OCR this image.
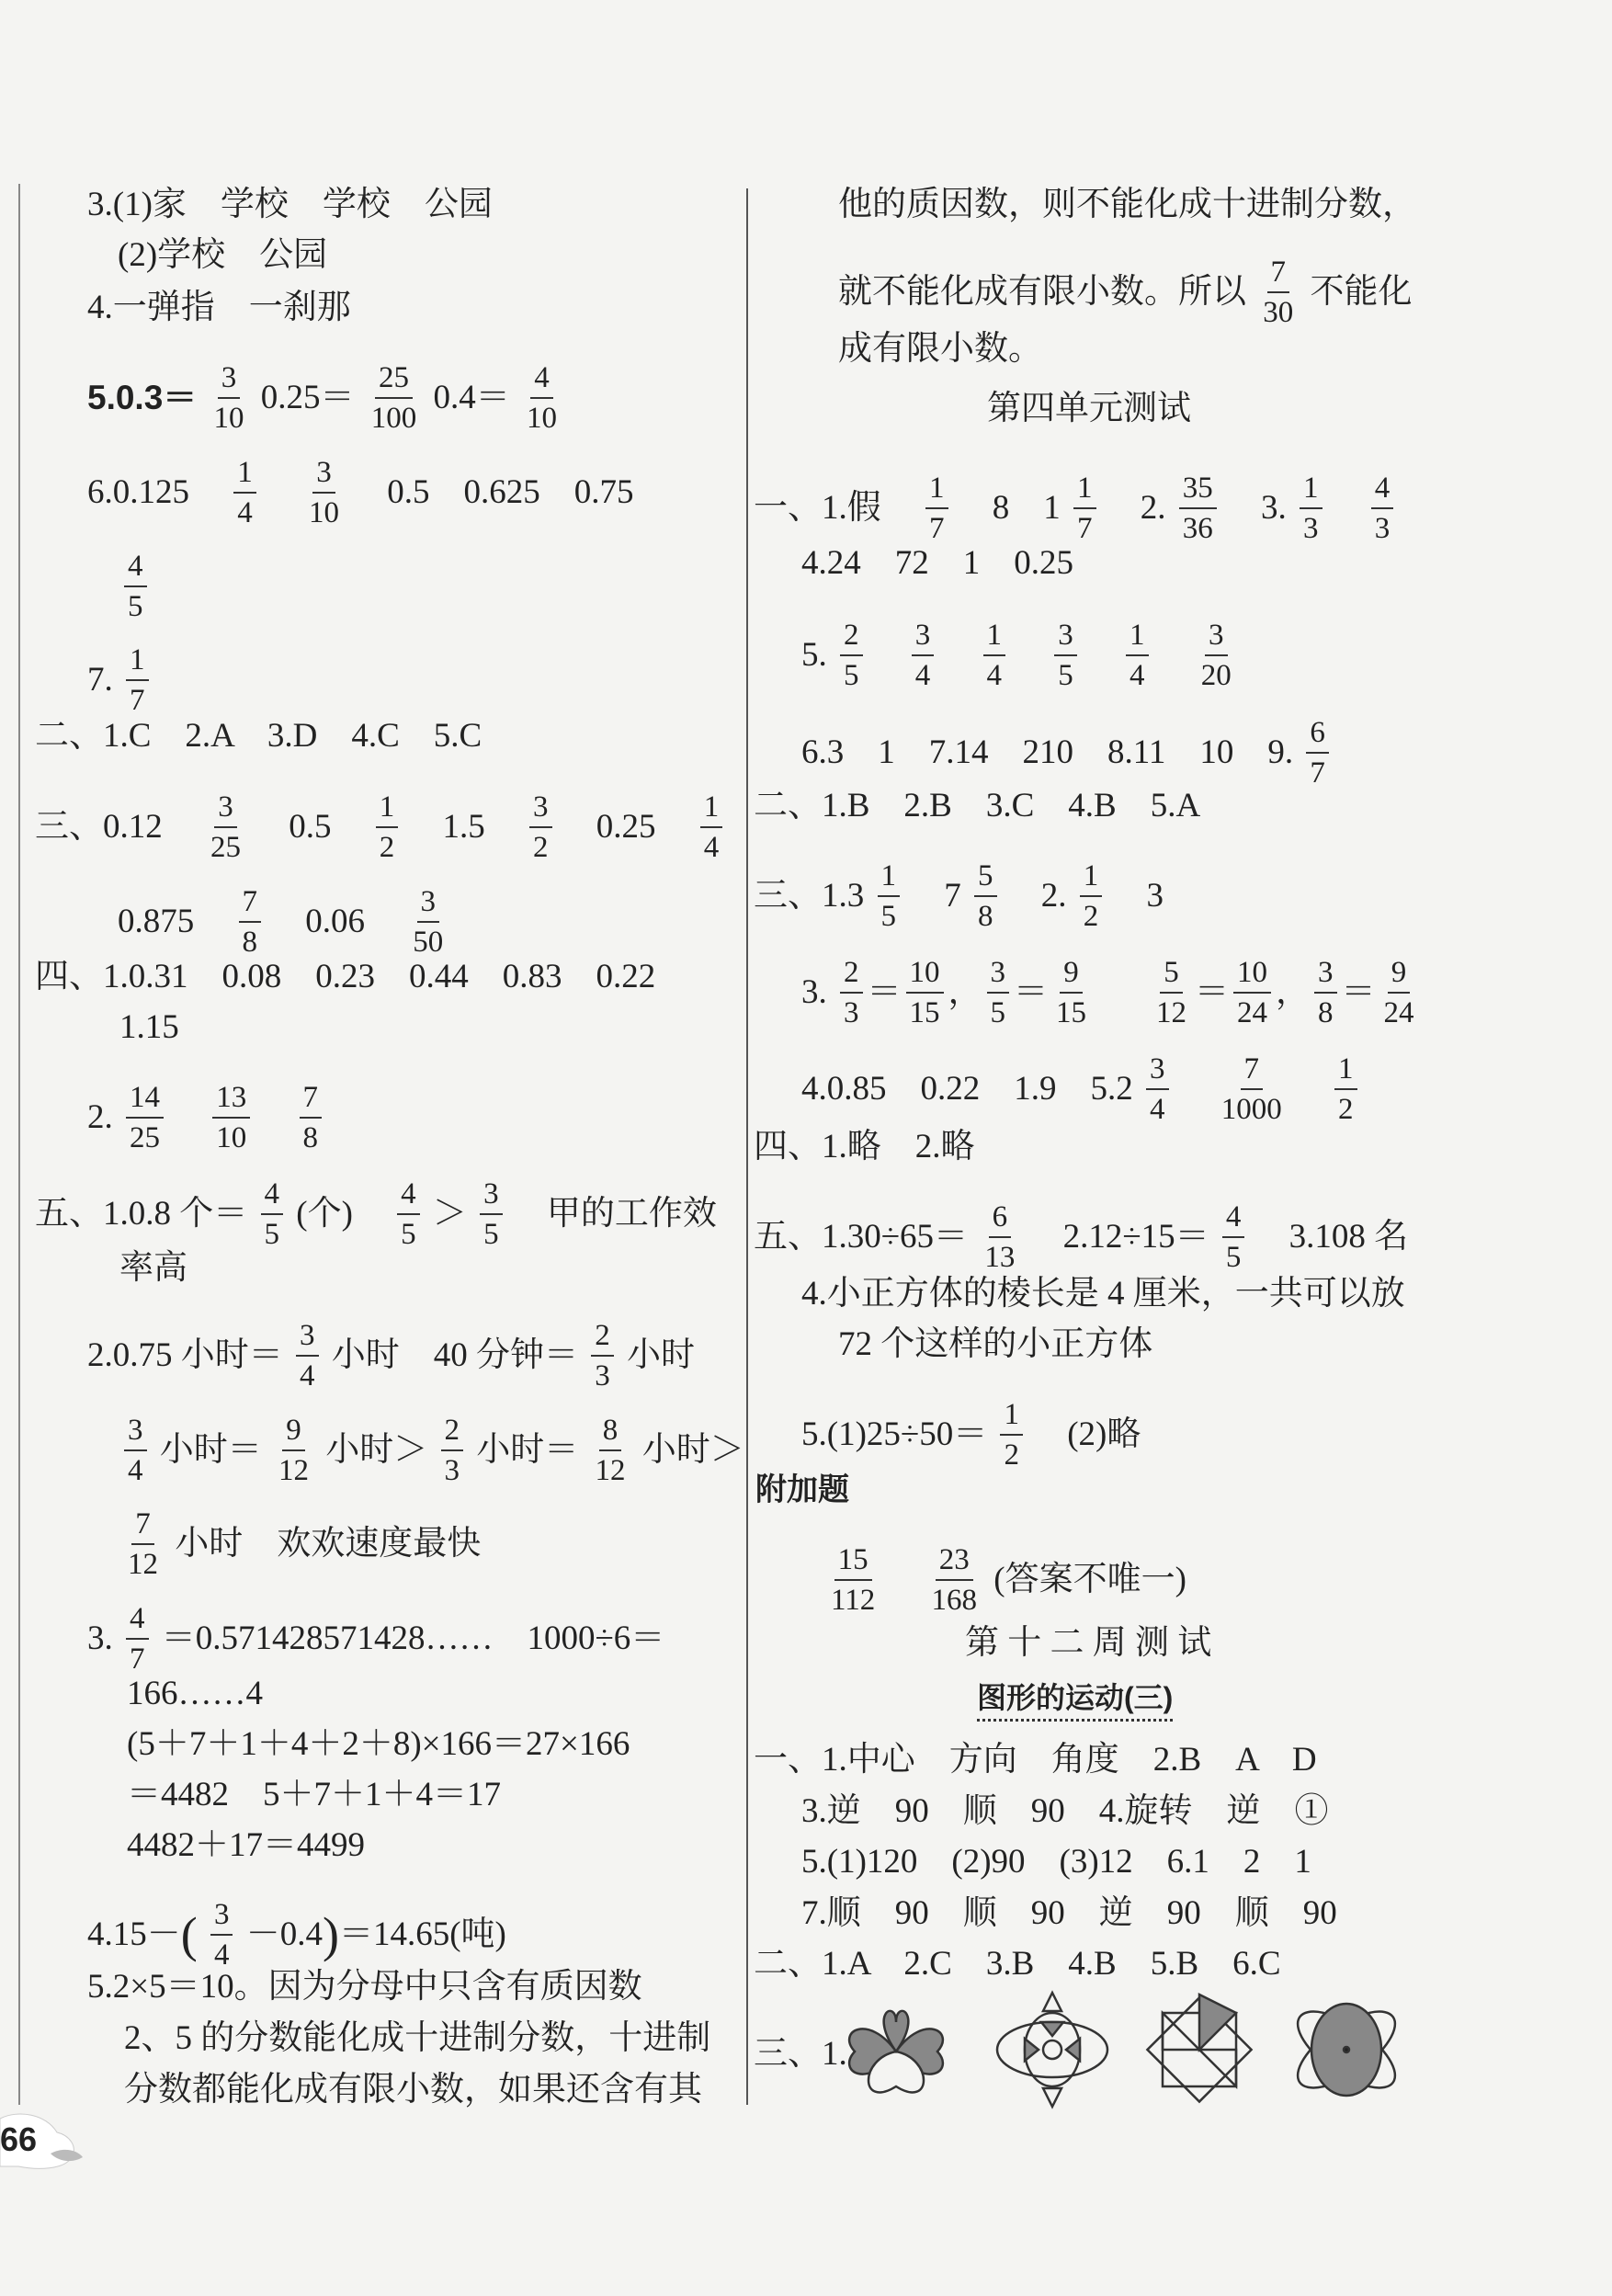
3.(1)家　学校　学校　公园
(2)学校　公园
4.一弹指　一刹那
$5.0.3= \frac{3}{10} 0.25= \frac{25}{100} 0.4= \frac{4}{10}$
$6.0.125 \frac{1}{4}$
$\frac{3}{10} 0.5$　0.625　0.75
$\frac{4}{5}$
7. $\frac{1}{7}$
二、1.C　2.A　3.D　4.C　5.C
三、$0.12 \frac{3}{25} 0.5 \frac{1}{2} 1.5 \frac{3}{2} 0.25 \frac{1}{4}$
$0.875 \frac{7}{8} 0.06 \frac{3}{50}$
四、1.0.31　0.08　0.23　0.44　0.83　0.22
1.15
2. $\frac{14}{25}$
$\frac{13}{10}$
$\frac{7}{8}$
五、1.0.8 个＝ $\frac{4}{5}$ (个) $\frac{4}{5} > \frac{3}{5}$ 甲的工作效
率高
2.0.75 小时＝ $\frac{3}{4}$ 小时　40 分钟＝ $\frac{2}{3}$ 小时
$\frac{3}{4}$ 小时＝ $\frac{9}{12}$ 小时＞ $\frac{2}{3}$ 小时＝ $\frac{8}{12}$ 小时＞
$\frac{7}{12}$ 小时　欢欢速度最快
3. $\frac{4}{7}$ ＝0.571428571428……　1000÷6＝
166……4
(5＋7＋1＋4＋2＋8)×166＝27×166
＝4482　5＋7＋1＋4＝17
4482＋17＝4499
$4.15-( \frac{3}{4} -0.4)=14.65$(吨)
5.2×5＝10。因为分母中只含有质因数
2、5 的分数能化成十进制分数，十进制
分数都能化成有限小数，如果还含有其
他的质因数，则不能化成十进制分数，
就不能化成有限小数。所以 $\frac{7}{30}$ 不能化
成有限小数。
第四单元测试
一、1.假 $\frac{1}{7} 8$　$1 \frac{1}{7} 2$. $\frac{35}{36} 3$. $\frac{1}{3}$
$\frac{4}{3}$
4.24　72　1　0.25
5. $\frac{2}{5}$
$\frac{3}{4}$
$\frac{1}{4}$
$\frac{3}{5}$
$\frac{1}{4}$
$\frac{3}{20}$
6.3　1　7.14　210　8.11　10　9. $\frac{6}{7}$
二、1.B　2.B　3.C　4.B　5.A
三、$1.3 \frac{1}{5} 7 \frac{5}{8} 2$. $\frac{1}{2} 3$
3. $\frac{2}{3} = \frac{10}{15}$ ， $\frac{3}{5} = \frac{9}{15} \frac{5}{12} = \frac{10}{24}$ ， $\frac{3}{8} = \frac{9}{24}$
4.0.85　0.22　1.9　$5.2 \frac{3}{4}$
$\frac{7}{1000}$
$\frac{1}{2}$
四、1.略　2.略
五、$1.30\div 65= \frac{6}{13} 2.12\div 15= \frac{4}{5} 3.108$ 名
4.小正方体的棱长是 4 厘米，一共可以放
72 个这样的小正方体
$5.(1)25\div 50= \frac{1}{2} (2)$略
附加题
$\frac{15}{112}$
$\frac{23}{168}$ (答案不唯一)
第 十 二 周 测 试
图形的运动(三)
一、1.中心　方向　角度　2.B　A　D
3.逆　90　顺　90　4.旋转　逆　①
5.(1)120　(2)90　(3)12　6.1　2　1
7.顺　90　顺　90　逆　90　顺　90
二、1.A　2.C　3.B　4.B　5.B　6.C
三、1.
66
